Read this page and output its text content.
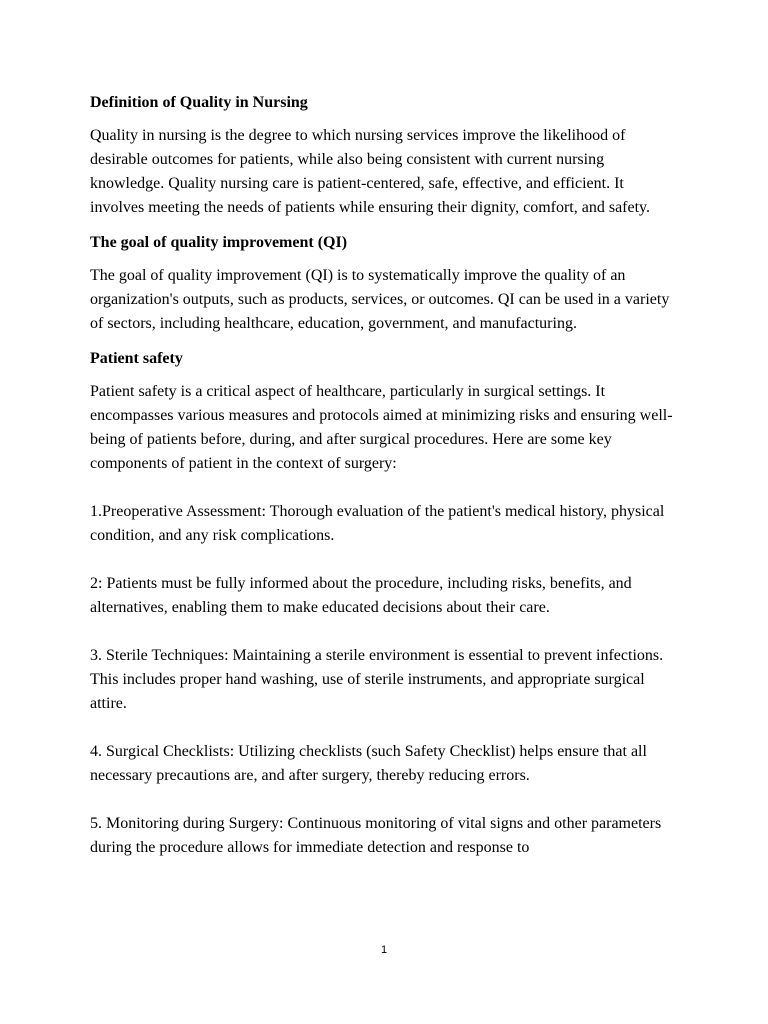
Definition of Quality in Nursing

Quality in nursing is the degree to which nursing services improve the likelihood of desirable outcomes for patients, while also being consistent with current nursing knowledge. Quality nursing care is patient-centered, safe, effective, and efficient. It involves meeting the needs of patients while ensuring their dignity, comfort, and safety.

The goal of quality improvement (QI)

The goal of quality improvement (QI) is to systematically improve the quality of an organization's outputs, such as products, services, or outcomes. QI can be used in a variety of sectors, including healthcare, education, government, and manufacturing.

Patient safety

Patient safety is a critical aspect of healthcare, particularly in surgical settings. It encompasses various measures and protocols aimed at minimizing risks and ensuring well-being of patients before, during, and after surgical procedures. Here are some key components of patient in the context of surgery:

1.Preoperative Assessment: Thorough evaluation of the patient's medical history, physical condition, and any risk complications.

2: Patients must be fully informed about the procedure, including risks, benefits, and alternatives, enabling them to make educated decisions about their care.

3. Sterile Techniques: Maintaining a sterile environment is essential to prevent infections. This includes proper hand washing, use of sterile instruments, and appropriate surgical attire.

4. Surgical Checklists: Utilizing checklists (such Safety Checklist) helps ensure that all necessary precautions are, and after surgery, thereby reducing errors.

5. Monitoring during Surgery: Continuous monitoring of vital signs and other parameters during the procedure allows for immediate detection and response to

1
